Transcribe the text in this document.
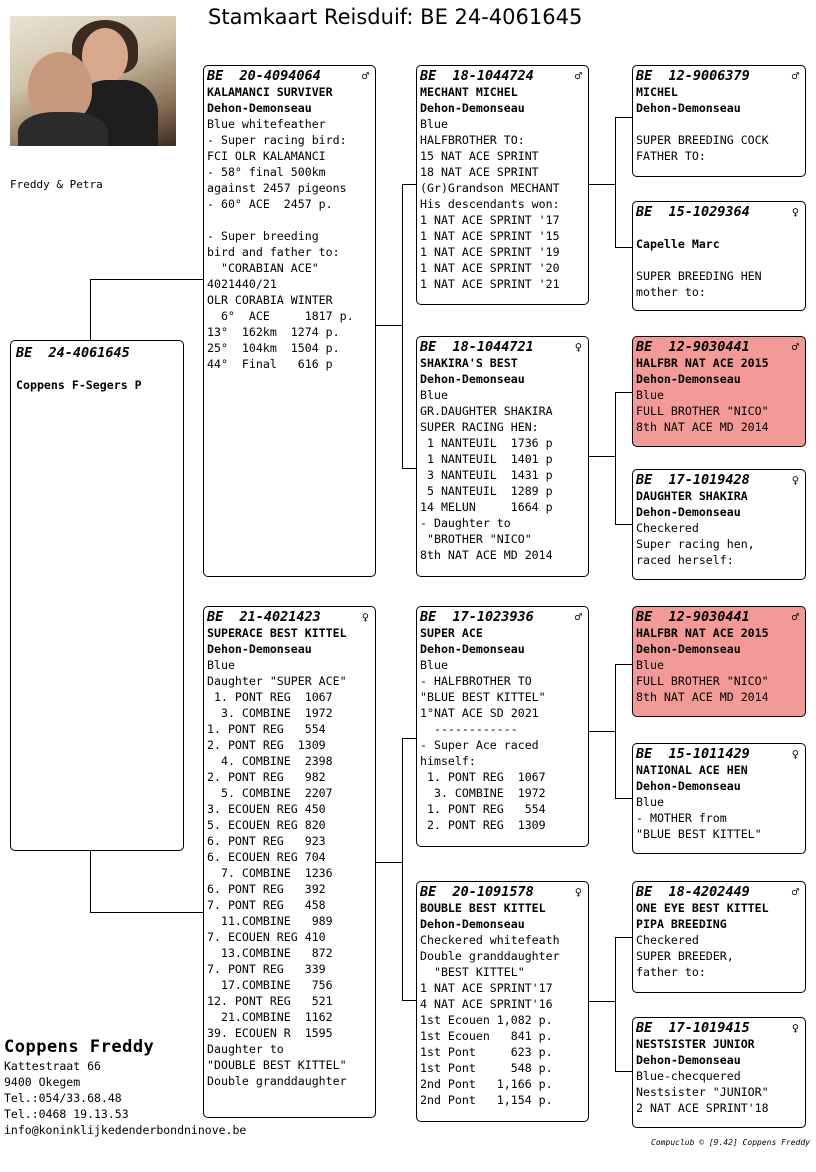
Stamkaart Reisduif: BE 24-4061645
Freddy & Petra
BE  24-4061645
Coppens F-Segers P
BE  20-4094064	♂
KALAMANCI SURVIVER
Dehon-Demonseau
Blue whitefeather
- Super racing bird:
FCI OLR KALAMANCI
- 58° final 500km
against 2457 pigeons
- 60° ACE  2457 p.
- Super breeding
bird and father to:
"CORABIAN ACE"
4021440/21
OLR CORABIA WINTER
6°  ACE     1817 p.
13°  162km  1274 p.
25°  104km  1504 p.
44°  Final   616 p
BE  21-4021423	♀
SUPERACE BEST KITTEL
Dehon-Demonseau
Blue
Daughter "SUPER ACE"
1. PONT REG  1067
3. COMBINE  1972
1. PONT REG   554
2. PONT REG  1309
4. COMBINE  2398
2. PONT REG   982
5. COMBINE  2207
3. ECOUEN REG 450
5. ECOUEN REG 820
6. PONT REG   923
6. ECOUEN REG 704
7. COMBINE  1236
6. PONT REG   392
7. PONT REG   458
11.COMBINE   989
7. ECOUEN REG 410
13.COMBINE   872
7. PONT REG   339
17.COMBINE   756
12. PONT REG   521
21.COMBINE  1162
39. ECOUEN R  1595
Daughter to
"DOUBLE BEST KITTEL"
Double granddaughter
BE  18-1044724	♂
MECHANT MICHEL
Dehon-Demonseau
Blue
HALFBROTHER TO:
15 NAT ACE SPRINT
18 NAT ACE SPRINT
(Gr)Grandson MECHANT
His descendants won:
1 NAT ACE SPRINT '17
1 NAT ACE SPRINT '15
1 NAT ACE SPRINT '19
1 NAT ACE SPRINT '20
1 NAT ACE SPRINT '21
BE  18-1044721	♀
SHAKIRA'S BEST
Dehon-Demonseau
Blue
GR.DAUGHTER SHAKIRA
SUPER RACING HEN:
1 NANTEUIL  1736 p
1 NANTEUIL  1401 p
3 NANTEUIL  1431 p
5 NANTEUIL  1289 p
14 MELUN     1664 p
- Daughter to
"BROTHER "NICO"
8th NAT ACE MD 2014
BE  17-1023936	♂
SUPER ACE
Dehon-Demonseau
Blue
- HALFBROTHER TO
"BLUE BEST KITTEL"
1°NAT ACE SD 2021
------------
- Super Ace raced
himself:
1. PONT REG  1067
3. COMBINE  1972
1. PONT REG   554
2. PONT REG  1309
BE  20-1091578	♀
BOUBLE BEST KITTEL
Dehon-Demonseau
Checkered whitefeath
Double granddaughter
"BEST KITTEL"
1 NAT ACE SPRINT'17
4 NAT ACE SPRINT'16
1st Ecouen 1,082 p.
1st Ecouen   841 p.
1st Pont     623 p.
1st Pont     548 p.
2nd Pont   1,166 p.
2nd Pont   1,154 p.
BE  12-9006379	♂
MICHEL
Dehon-Demonseau
SUPER BREEDING COCK
FATHER TO:
BE  15-1029364	♀
Capelle Marc
SUPER BREEDING HEN
mother to:
BE  12-9030441	♂
HALFBR NAT ACE 2015
Dehon-Demonseau
Blue
FULL BROTHER "NICO"
8th NAT ACE MD 2014
BE  17-1019428	♀
DAUGHTER SHAKIRA
Dehon-Demonseau
Checkered
Super racing hen,
raced herself:
BE  12-9030441	♂
HALFBR NAT ACE 2015
Dehon-Demonseau
Blue
FULL BROTHER "NICO"
8th NAT ACE MD 2014
BE  15-1011429	♀
NATIONAL ACE HEN
Dehon-Demonseau
Blue
- MOTHER from
"BLUE BEST KITTEL"
BE  18-4202449	♂
ONE EYE BEST KITTEL
PIPA BREEDING
Checkered
SUPER BREEDER,
father to:
BE  17-1019415	♀
NESTSISTER JUNIOR
Dehon-Demonseau
Blue-checquered
Nestsister "JUNIOR"
2 NAT ACE SPRINT'18
Coppens Freddy
Kattestraat 66
9400 Okegem
Tel.:054/33.68.48
Tel.:0468 19.13.53
info@koninklijkedenderbondninove.be
Compuclub © [9.42] Coppens Freddy
